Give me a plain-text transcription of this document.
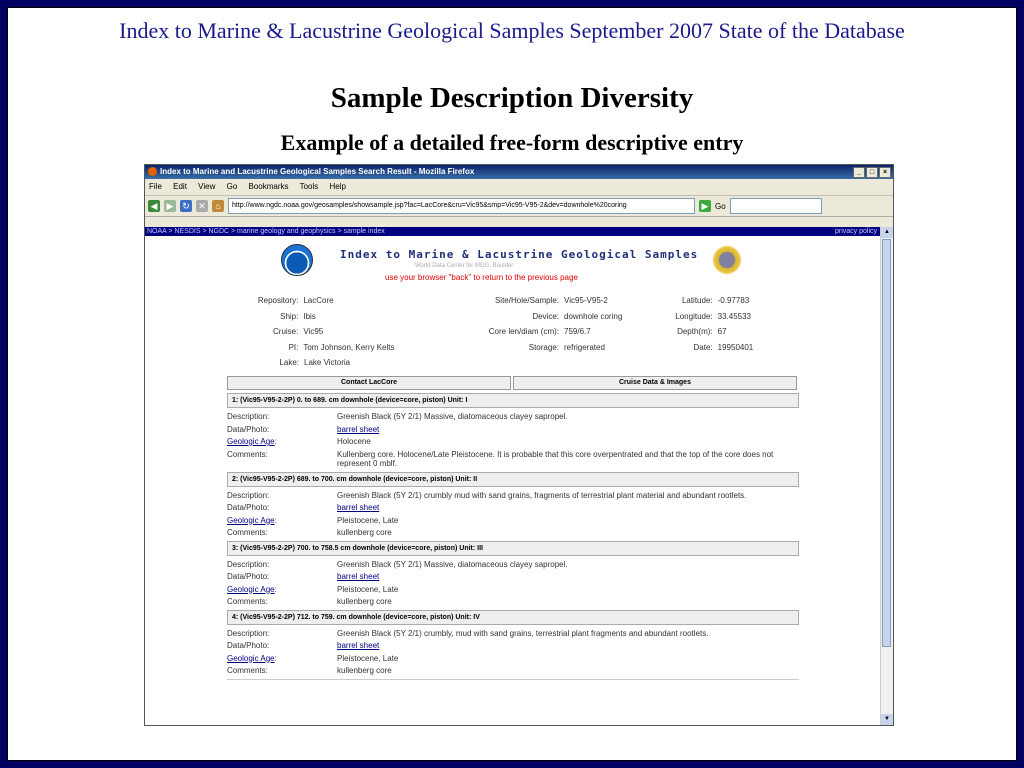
Index to Marine & Lacustrine Geological Samples September 2007 State of the Database
Sample Description Diversity
Example of a detailed free-form descriptive entry
Index to Marine and Lacustrine Geological Samples Search Result - Mozilla Firefox	_	□	×
File Edit View Go Bookmarks Tools Help
◀ ▶ ↻ ✕	⌂	http://www.ngdc.noaa.gov/geosamples/showsample.jsp?fac=LacCore&cru=Vic95&smp=Vic95-V95-2&dev=downhole%20coring	▶ Go
NOAA > NESDIS > NGDC > marine geology and geophysics > sample index	privacy policy
Index to Marine & Lacustrine Geological Samples
World Data Center for MGG, Boulder
use your browser "back" to return to the previous page
Repository: LacCore	Site/Hole/Sample: Vic95-V95-2	Latitude: -0.97783
Ship: Ibis	Device: downhole coring	Longitude: 33.45533
Cruise: Vic95	Core len/diam (cm): 759/6.7	Depth(m): 67
PI: Tom Johnson, Kerry Kelts	Storage: refrigerated	Date: 19950401
Lake: Lake Victoria
Contact LacCore	Cruise Data & Images
1: (Vic95-V95-2-2P) 0. to 689. cm downhole (device=core, piston) Unit: I
Description:	Greenish Black (5Y 2/1) Massive, diatomaceous clayey sapropel.
Data/Photo:	barrel sheet
Geologic Age:	Holocene
Comments:	Kullenberg core. Holocene/Late Pleistocene. It is probable that this core overpentrated and that the top of the core does not represent 0 mblf.
2: (Vic95-V95-2-2P) 689. to 700. cm downhole (device=core, piston) Unit: II
Description:	Greenish Black (5Y 2/1) crumbly mud with sand grains, fragments of terrestrial plant material and abundant rootlets.
Data/Photo:	barrel sheet
Geologic Age:	Pleistocene, Late
Comments:	kullenberg core
3: (Vic95-V95-2-2P) 700. to 758.5 cm downhole (device=core, piston) Unit: III
Description:	Greenish Black (5Y 2/1) Massive, diatomaceous clayey sapropel.
Data/Photo:	barrel sheet
Geologic Age:	Pleistocene, Late
Comments:	kullenberg core
4: (Vic95-V95-2-2P) 712. to 759. cm downhole (device=core, piston) Unit: IV
Description:	Greenish Black (5Y 2/1) crumbly, mud with sand grains, terrestrial plant fragments and abundant rootlets.
Data/Photo:	barrel sheet
Geologic Age:	Pleistocene, Late
Comments:	kullenberg core
▲
▼
